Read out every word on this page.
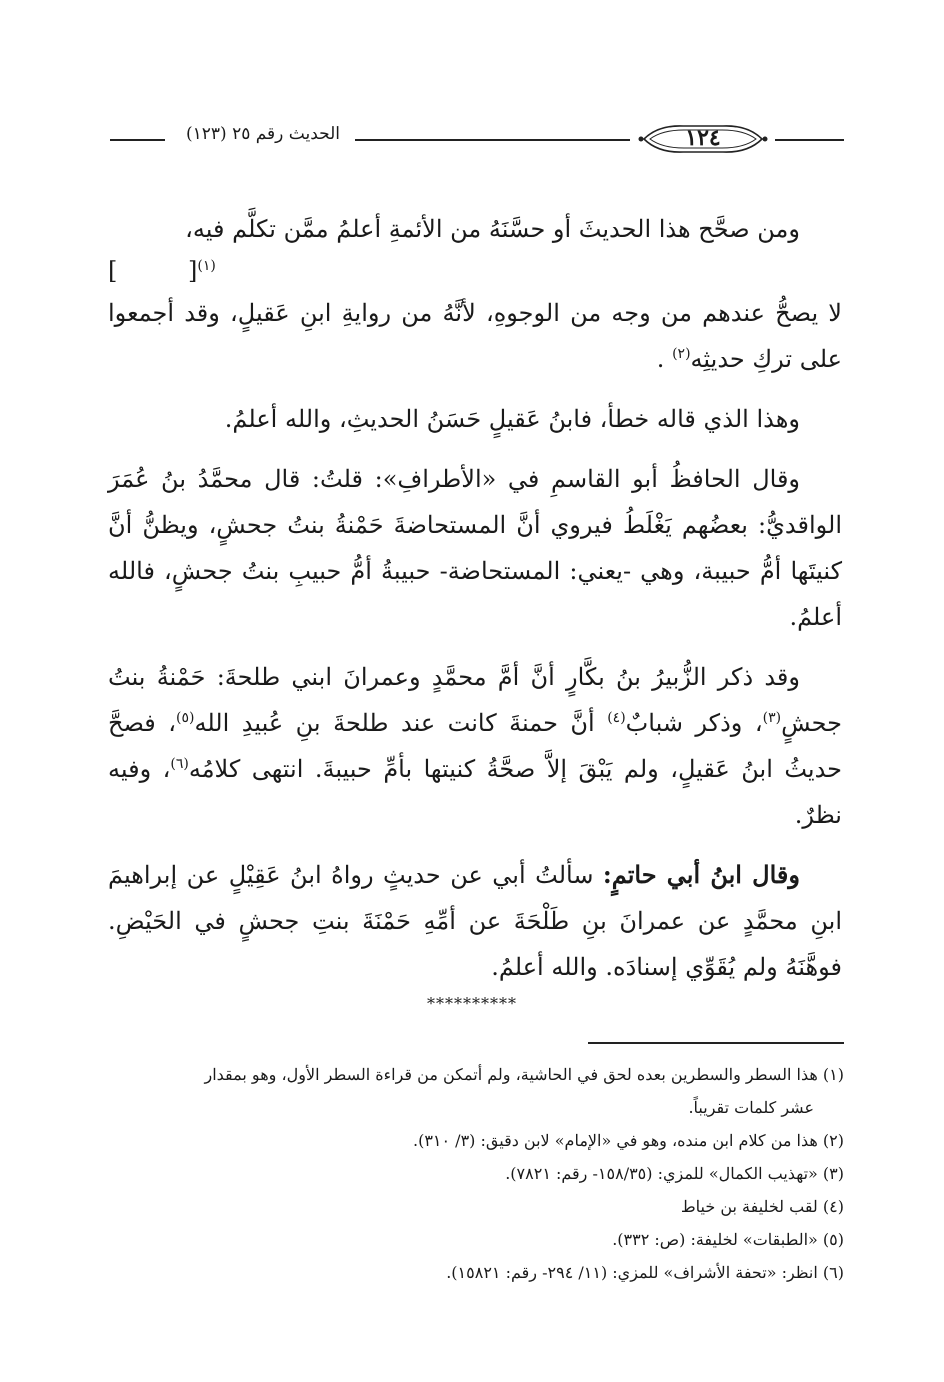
الحديث رقم ٢٥ (١٢٣)	١٢٤

ومن صحَّح هذا الحديثَ أو حسَّنَهُ من الأئمةِ أعلمُ ممَّن تكلَّم فيه،

$^{(١)}$[
]

لا يصحُّ عندهم من وجه من الوجوهِ، لأنَّهُ من روايةِ ابنِ عَقيلٍ، وقد أجمعوا على تركِ حديثِه$^{(٢)}$ .

وهذا الذي قاله خطأ، فابنُ عَقيلٍ حَسَنُ الحديثِ، والله أعلمُ.

وقال الحافظُ أبو القاسمِ في «الأطرافِ»: قلتُ: قال محمَّدُ بنُ عُمَرَ الواقديُّ: بعضُهم يَغْلَطُ فيروي أنَّ المستحاضةَ حَمْنةُ بنتُ جحشٍ، ويظنُّ أنَّ كنيتَها أمُّ حبيبة، وهي -يعني: المستحاضة- حبيبةُ أمُّ حبيبِ بنتُ جحشٍ، فالله أعلمُ.

وقد ذكر الزُّبيرُ بنُ بكَّارٍ أنَّ أمَّ محمَّدٍ وعمرانَ ابني طلحةَ: حَمْنةُ بنتُ جحشٍ$^{(٣)}$، وذكر شبابٌ$^{(٤)}$ أنَّ حمنةَ كانت عند طلحةَ بنِ عُبيدِ الله$^{(٥)}$، فصحَّ حديثُ ابنُ عَقيلٍ، ولم يَبْقَ إلاَّ صحَّةُ كنيتها بأمِّ حبيبةَ. انتهى كلامُه$^{(٦)}$، وفيه نظرٌ.

وقال ابنُ أبي حاتمٍ: سألتُ أبي عن حديثٍ رواهُ ابنُ عَقِيْلٍ عن إبراهيمَ ابنِ محمَّدٍ عن عمرانَ بنِ طَلْحَةَ عن أمِّهِ حَمْنَةَ بنتِ جحشٍ في الحَيْضِ. فوهَّنَهُ ولم يُقَوِّي إسنادَه. والله أعلمُ.

**********
(١) هذا السطر والسطرين بعده لحق في الحاشية، ولم أتمكن من قراءة السطر الأول، وهو بمقدار
عشر كلمات تقريباً.
(٢) هذا من كلام ابن منده، وهو في «الإمام» لابن دقيق: (٣/ ٣١٠).
(٣) «تهذيب الكمال» للمزي: (١٥٨/٣٥- رقم: ٧٨٢١).
(٤) لقب لخليفة بن خياط
(٥) «الطبقات» لخليفة: (ص: ٣٣٢).
(٦) انظر: «تحفة الأشراف» للمزي: (١١/ ٢٩٤- رقم: ١٥٨٢١).
